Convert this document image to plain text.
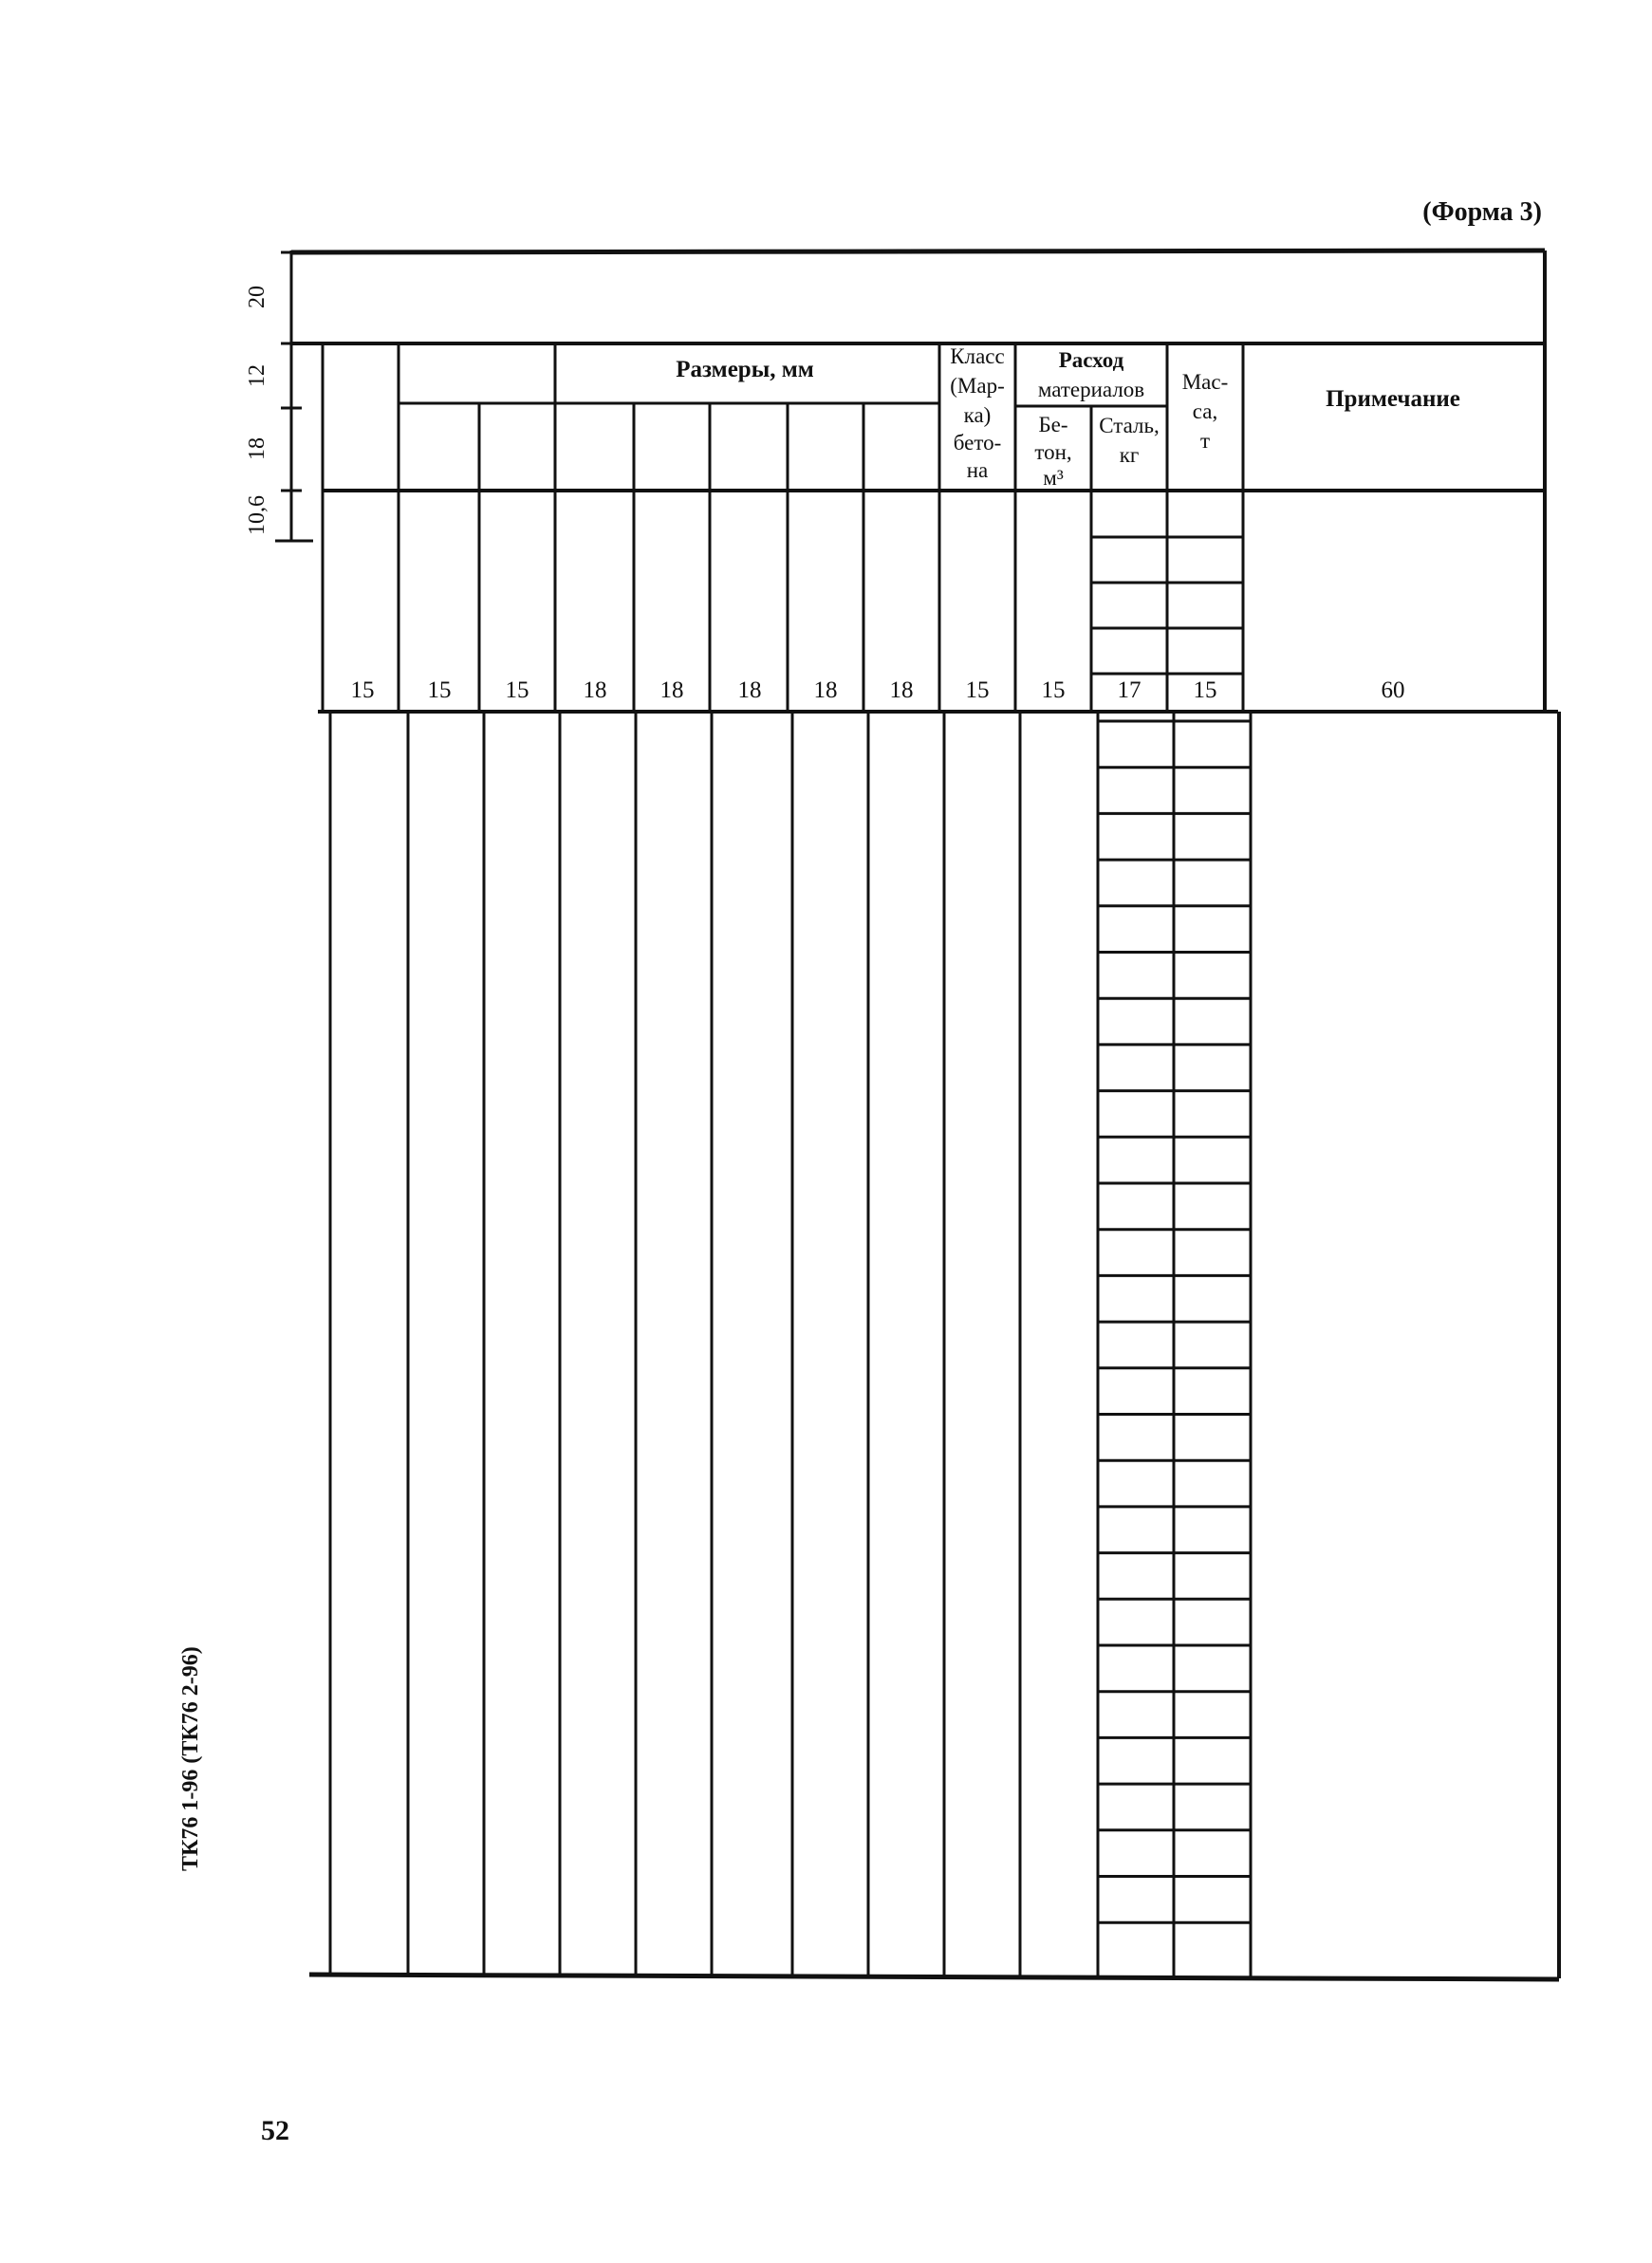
(Форма 3)
Размеры, мм
Класс
(Мар-
ка)
бето-
на
Расход
материалов
Бе-
тон,
м³
Сталь,
кг
Мас-
са,
т
Примечание
20
12
18
10,6
15 15 15 18 18 18 18 18 15 15 17 15	60
ТК76 1-96 (ТК76 2-96)
52
